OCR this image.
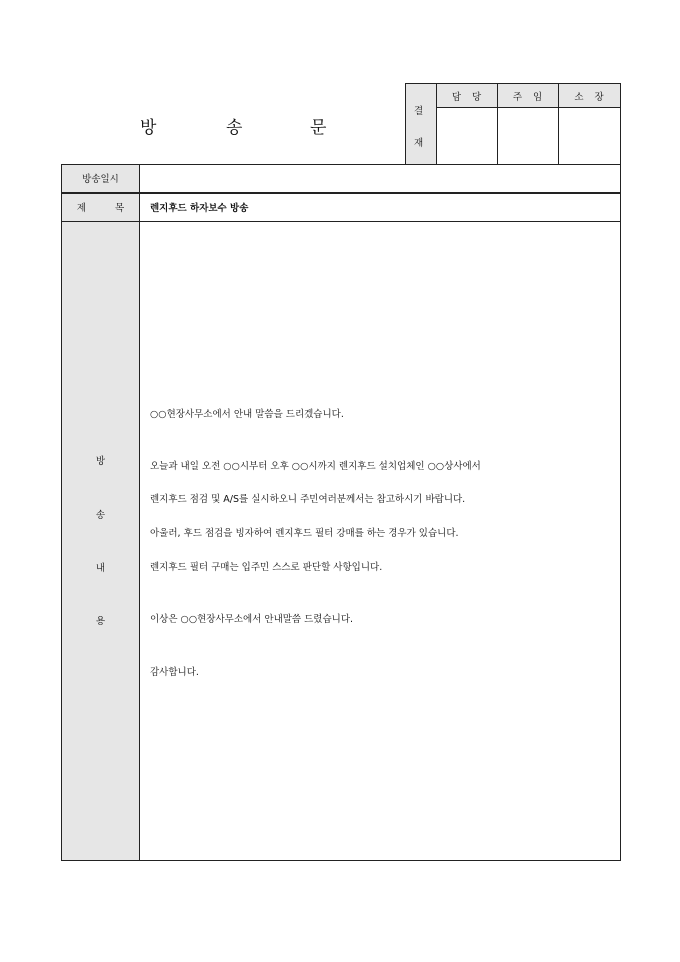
방	송	문
결
재
담 당	주 임	소 장
방송일시
제 목	렌지후드 하자보수 방송
방
송
내
용
○○현장사무소에서 안내 말씀을 드리겠습니다.
오늘과 내일 오전 ○○시부터 오후 ○○시까지 렌지후드 설치업체인 ○○상사에서
렌지후드 점검 및 A/S를 실시하오니 주민여러분께서는 참고하시기 바랍니다.
아울러, 후드 점검을 빙자하여 렌지후드 필터 강매를 하는 경우가 있습니다.
렌지후드 필터 구매는 입주민 스스로 판단할 사항입니다.
이상은 ○○현장사무소에서 안내말씀 드렸습니다.
감사합니다.
